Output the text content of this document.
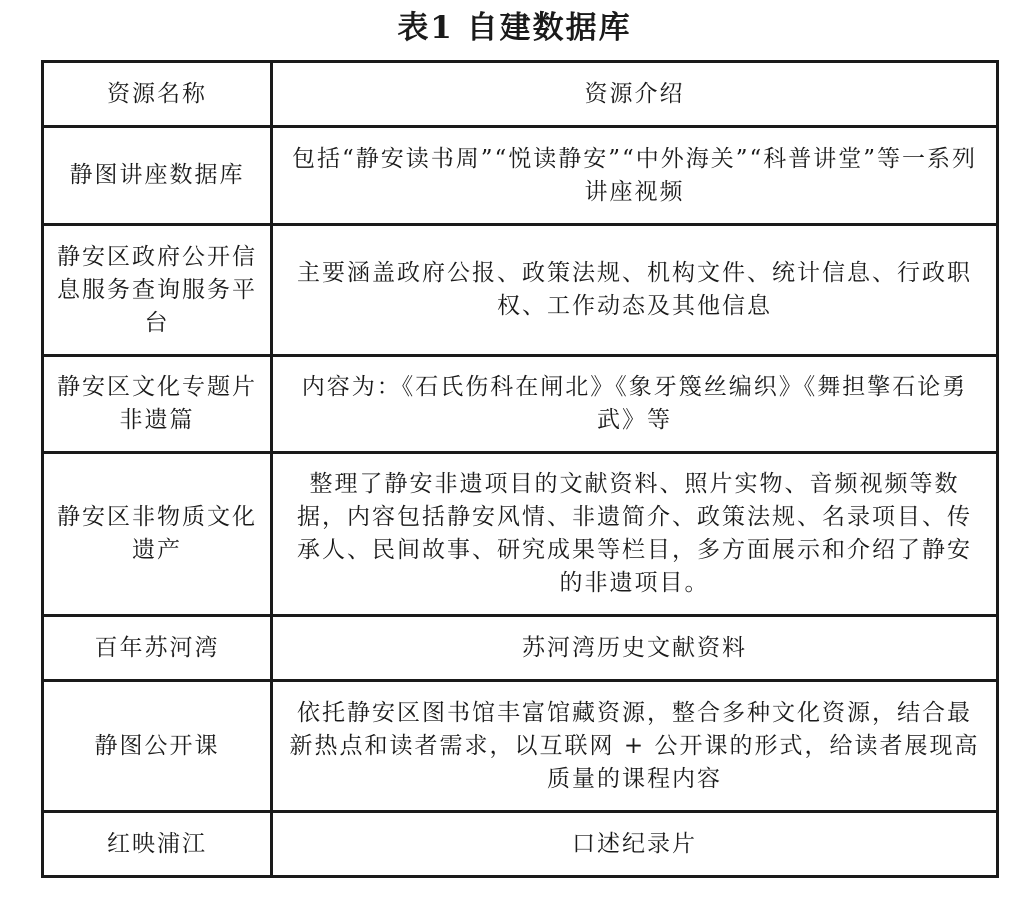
表1 自建数据库
资源名称	资源介绍
静图讲座数据库	包括“静安读书周”“悦读静安”“中外海关”“科普讲堂”等一系列讲座视频
静安区政府公开信息服务查询服务平台	主要涵盖政府公报、政策法规、机构文件、统计信息、行政职权、工作动态及其他信息
静安区文化专题片非遗篇	内容为：《石氏伤科在闸北》《象牙篾丝编织》《舞担擎石论勇武》等
静安区非物质文化遗产	整理了静安非遗项目的文献资料、照片实物、音频视频等数据，内容包括静安风情、非遗简介、政策法规、名录项目、传承人、民间故事、研究成果等栏目，多方面展示和介绍了静安的非遗项目。
百年苏河湾	苏河湾历史文献资料
静图公开课	依托静安区图书馆丰富馆藏资源，整合多种文化资源，结合最新热点和读者需求，以互联网 + 公开课的形式，给读者展现高质量的课程内容
红映浦江	口述纪录片
